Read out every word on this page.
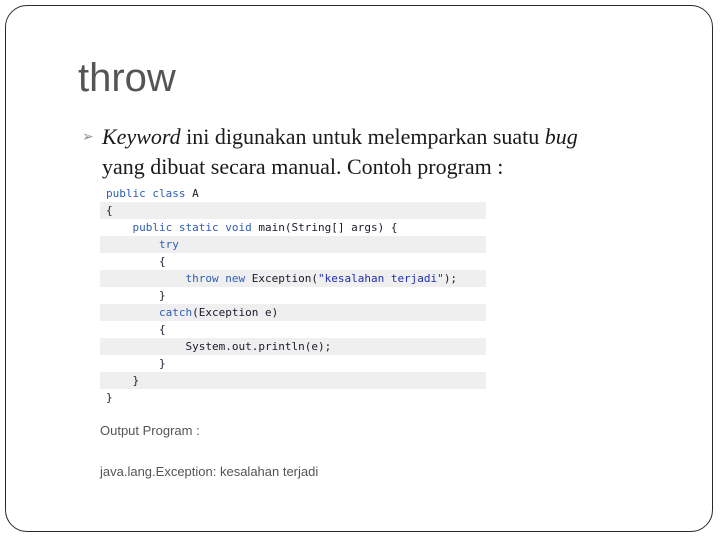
throw
➢ Keyword ini digunakan untuk melemparkan suatu bug
yang dibuat secara manual. Contoh program :
public class A
{
public static void main(String[] args) {
try
{
throw new Exception("kesalahan terjadi");
}
catch(Exception e)
{
System.out.println(e);
}
}
}
Output Program :
java.lang.Exception: kesalahan terjadi
